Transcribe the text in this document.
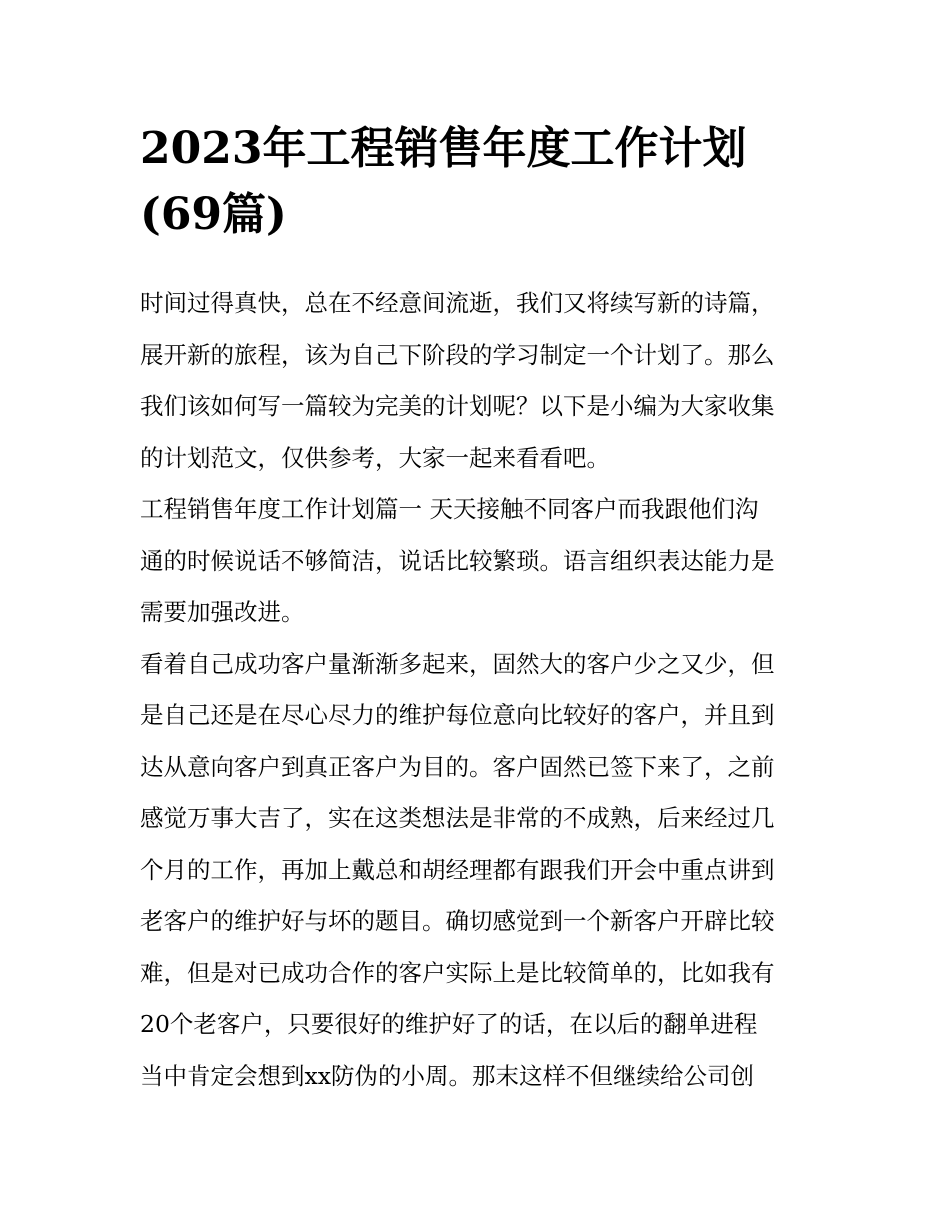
2023年工程销售年度工作计划
(69篇)
时间过得真快，总在不经意间流逝，我们又将续写新的诗篇，
展开新的旅程，该为自己下阶段的学习制定一个计划了。那么
我们该如何写一篇较为完美的计划呢？以下是小编为大家收集
的计划范文，仅供参考，大家一起来看看吧。
工程销售年度工作计划篇一 天天接触不同客户而我跟他们沟
通的时候说话不够简洁，说话比较繁琐。语言组织表达能力是
需要加强改进。
看着自己成功客户量渐渐多起来，固然大的客户少之又少，但
是自己还是在尽心尽力的维护每位意向比较好的客户，并且到
达从意向客户到真正客户为目的。客户固然已签下来了，之前
感觉万事大吉了，实在这类想法是非常的不成熟，后来经过几
个月的工作，再加上戴总和胡经理都有跟我们开会中重点讲到
老客户的维护好与坏的题目。确切感觉到一个新客户开辟比较
难，但是对已成功合作的客户实际上是比较简单的，比如我有
20个老客户，只要很好的维护好了的话，在以后的翻单进程
当中肯定会想到xx防伪的小周。那末这样不但继续给公司创
